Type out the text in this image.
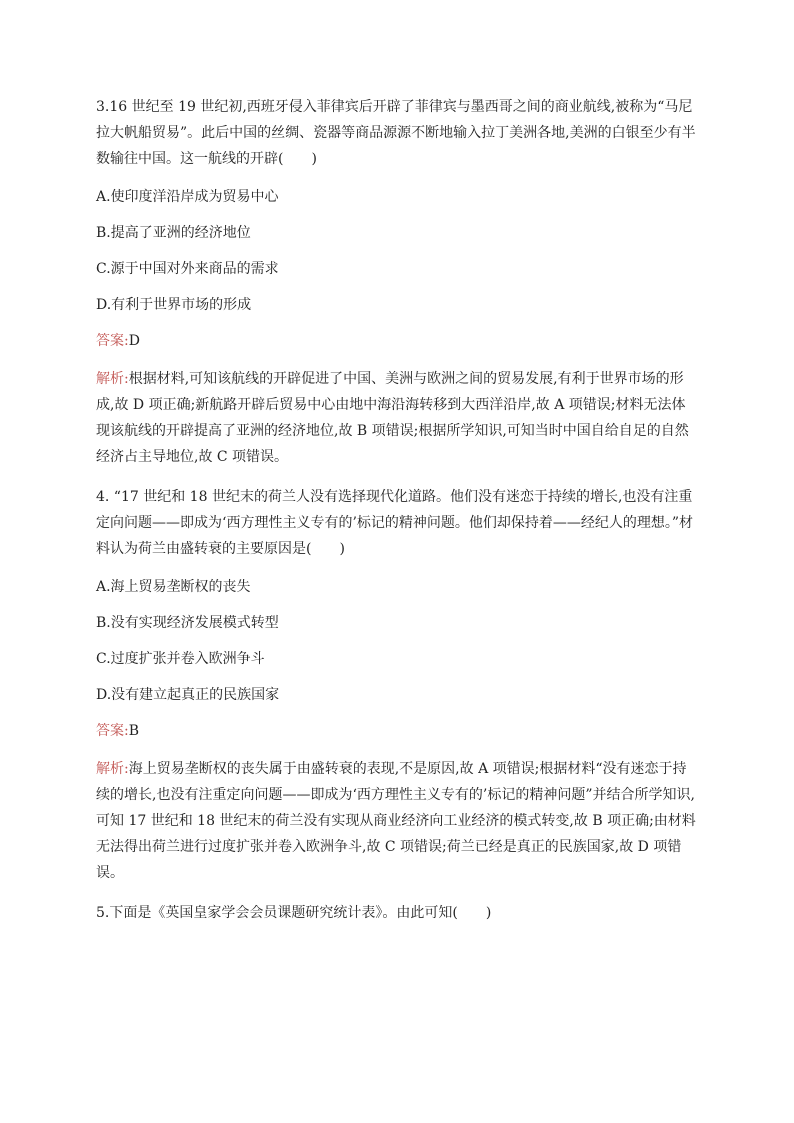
3.16 世纪至 19 世纪初,西班牙侵入菲律宾后开辟了菲律宾与墨西哥之间的商业航线,被称为“马尼拉大帆船贸易”。此后中国的丝绸、瓷器等商品源源不断地输入拉丁美洲各地,美洲的白银至少有半数输往中国。这一航线的开辟(　　)

A.使印度洋沿岸成为贸易中心

B.提高了亚洲的经济地位

C.源于中国对外来商品的需求

D.有利于世界市场的形成

答案:D

解析:根据材料,可知该航线的开辟促进了中国、美洲与欧洲之间的贸易发展,有利于世界市场的形成,故 D 项正确;新航路开辟后贸易中心由地中海沿海转移到大西洋沿岸,故 A 项错误;材料无法体现该航线的开辟提高了亚洲的经济地位,故 B 项错误;根据所学知识,可知当时中国自给自足的自然经济占主导地位,故 C 项错误。

4. “17 世纪和 18 世纪末的荷兰人没有选择现代化道路。他们没有迷恋于持续的增长,也没有注重定向问题——即成为‘西方理性主义专有的’标记的精神问题。他们却保持着——经纪人的理想。”材料认为荷兰由盛转衰的主要原因是(　　)

A.海上贸易垄断权的丧失

B.没有实现经济发展模式转型

C.过度扩张并卷入欧洲争斗

D.没有建立起真正的民族国家

答案:B

解析:海上贸易垄断权的丧失属于由盛转衰的表现,不是原因,故 A 项错误;根据材料“没有迷恋于持续的增长,也没有注重定向问题——即成为‘西方理性主义专有的’标记的精神问题”并结合所学知识,可知 17 世纪和 18 世纪末的荷兰没有实现从商业经济向工业经济的模式转变,故 B 项正确;由材料无法得出荷兰进行过度扩张并卷入欧洲争斗,故 C 项错误;荷兰已经是真正的民族国家,故 D 项错误。

5.下面是《英国皇家学会会员课题研究统计表》。由此可知(　　)
